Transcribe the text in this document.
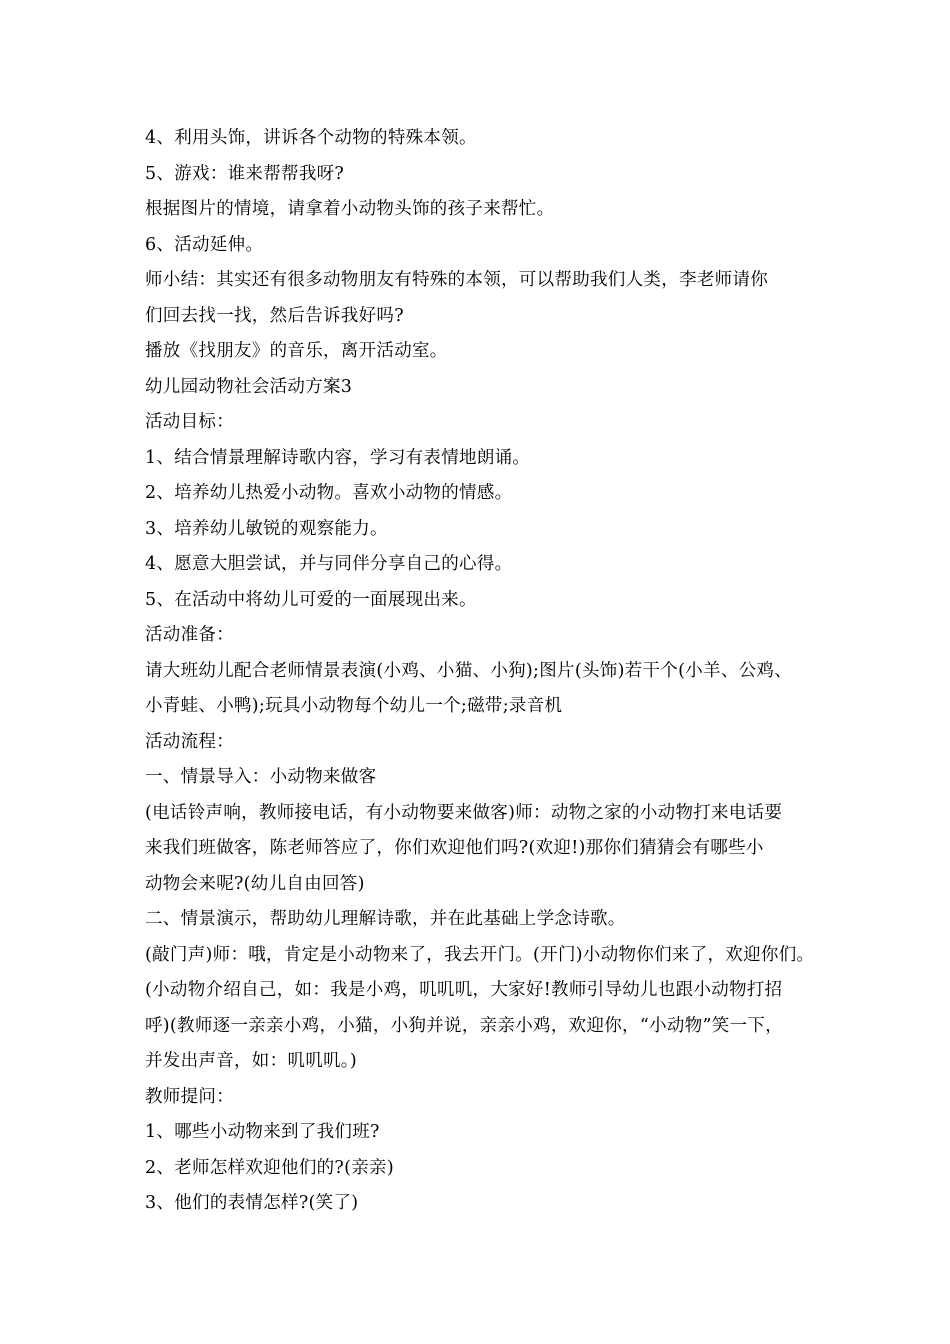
4、利用头饰，讲诉各个动物的特殊本领。
5、游戏：谁来帮帮我呀?
根据图片的情境，请拿着小动物头饰的孩子来帮忙。
6、活动延伸。
师小结：其实还有很多动物朋友有特殊的本领，可以帮助我们人类，李老师请你
们回去找一找，然后告诉我好吗?
播放《找朋友》的音乐，离开活动室。
幼儿园动物社会活动方案3
活动目标：
1、结合情景理解诗歌内容，学习有表情地朗诵。
2、培养幼儿热爱小动物。喜欢小动物的情感。
3、培养幼儿敏锐的观察能力。
4、愿意大胆尝试，并与同伴分享自己的心得。
5、在活动中将幼儿可爱的一面展现出来。
活动准备：
请大班幼儿配合老师情景表演(小鸡、小猫、小狗);图片(头饰)若干个(小羊、公鸡、
小青蛙、小鸭);玩具小动物每个幼儿一个;磁带;录音机
活动流程：
一、情景导入：小动物来做客
(电话铃声响，教师接电话，有小动物要来做客)师：动物之家的小动物打来电话要
来我们班做客，陈老师答应了，你们欢迎他们吗?(欢迎!)那你们猜猜会有哪些小
动物会来呢?(幼儿自由回答)
二、情景演示，帮助幼儿理解诗歌，并在此基础上学念诗歌。
(敲门声)师：哦，肯定是小动物来了，我去开门。(开门)小动物你们来了，欢迎你们。
(小动物介绍自己，如：我是小鸡，叽叽叽，大家好!教师引导幼儿也跟小动物打招
呼)(教师逐一亲亲小鸡，小猫，小狗并说，亲亲小鸡，欢迎你，“小动物”笑一下，
并发出声音，如：叽叽叽。)
教师提问：
1、哪些小动物来到了我们班?
2、老师怎样欢迎他们的?(亲亲)
3、他们的表情怎样?(笑了)
